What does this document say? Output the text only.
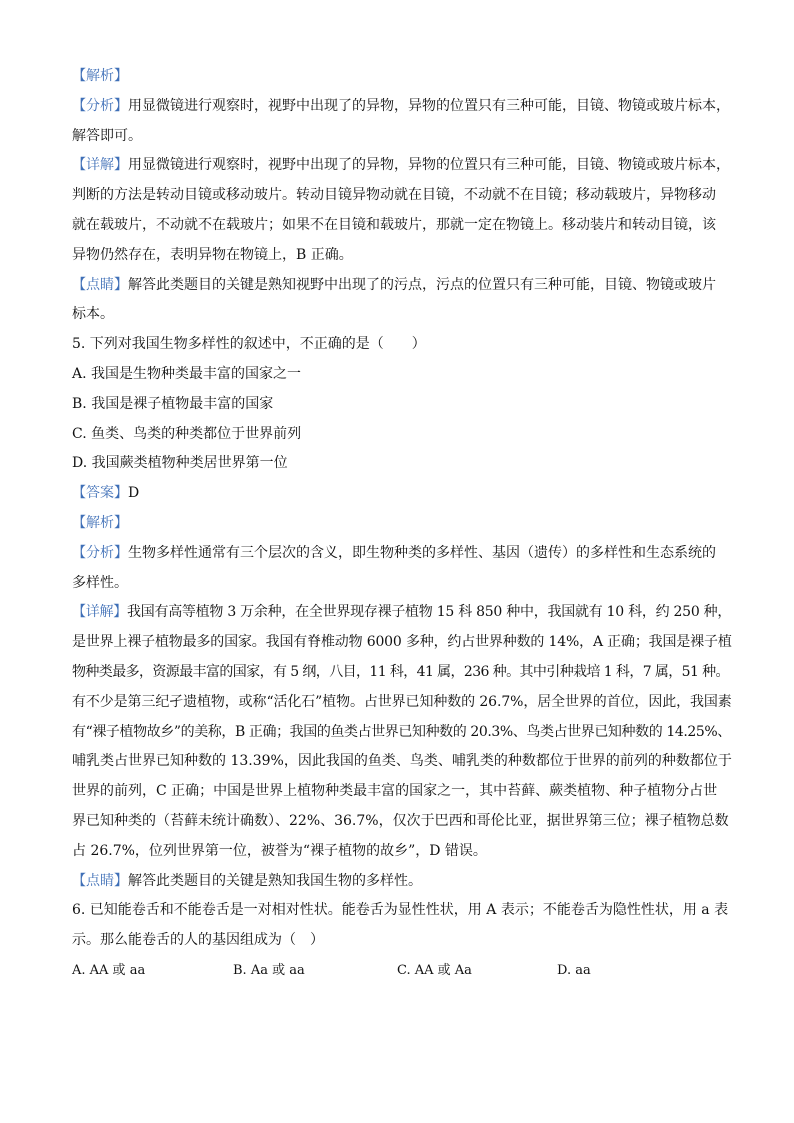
【解析】
【分析】用显微镜进行观察时，视野中出现了的异物，异物的位置只有三种可能，目镜、物镜或玻片标本，
解答即可。
【详解】用显微镜进行观察时，视野中出现了的异物，异物的位置只有三种可能，目镜、物镜或玻片标本，
判断的方法是转动目镜或移动玻片。转动目镜异物动就在目镜，不动就不在目镜；移动载玻片，异物移动
就在载玻片，不动就不在载玻片；如果不在目镜和载玻片，那就一定在物镜上。移动装片和转动目镜，该
异物仍然存在，表明异物在物镜上，B 正确。
【点睛】解答此类题目的关键是熟知视野中出现了的污点，污点的位置只有三种可能，目镜、物镜或玻片
标本。
5. 下列对我国生物多样性的叙述中，不正确的是（　　）
A. 我国是生物种类最丰富的国家之一
B. 我国是裸子植物最丰富的国家
C. 鱼类、鸟类的种类都位于世界前列
D. 我国蕨类植物种类居世界第一位
【答案】D
【解析】
【分析】生物多样性通常有三个层次的含义，即生物种类的多样性、基因（遗传）的多样性和生态系统的
多样性。
【详解】我国有高等植物 3 万余种，在全世界现存裸子植物 15 科 850 种中，我国就有 10 科，约 250 种，
是世界上裸子植物最多的国家。我国有脊椎动物 6000 多种，约占世界种数的 14%，A 正确；我国是裸子植
物种类最多，资源最丰富的国家，有 5 纲，八目，11 科，41 属，236 种。其中引种栽培 1 科，7 属，51 种。
有不少是第三纪孑遗植物，或称“活化石”植物。占世界已知种数的 26.7%，居全世界的首位，因此，我国素
有“裸子植物故乡”的美称，B 正确；我国的鱼类占世界已知种数的 20.3%、鸟类占世界已知种数的 14.25%、
哺乳类占世界已知种数的 13.39%，因此我国的鱼类、鸟类、哺乳类的种数都位于世界的前列的种数都位于
世界的前列，C 正确；中国是世界上植物种类最丰富的国家之一，其中苔藓、蕨类植物、种子植物分占世
界已知种类的（苔藓未统计确数）、22%、36.7%，仅次于巴西和哥伦比亚，据世界第三位；裸子植物总数
占 26.7%，位列世界第一位，被誉为“裸子植物的故乡”，D 错误。
【点睛】解答此类题目的关键是熟知我国生物的多样性。
6. 已知能卷舌和不能卷舌是一对相对性状。能卷舌为显性性状，用 A 表示；不能卷舌为隐性性状，用 a 表
示。那么能卷舌的人的基因组成为（　）
A. AA 或 aa	B. Aa 或 aa	C. AA 或 Aa	D. aa
